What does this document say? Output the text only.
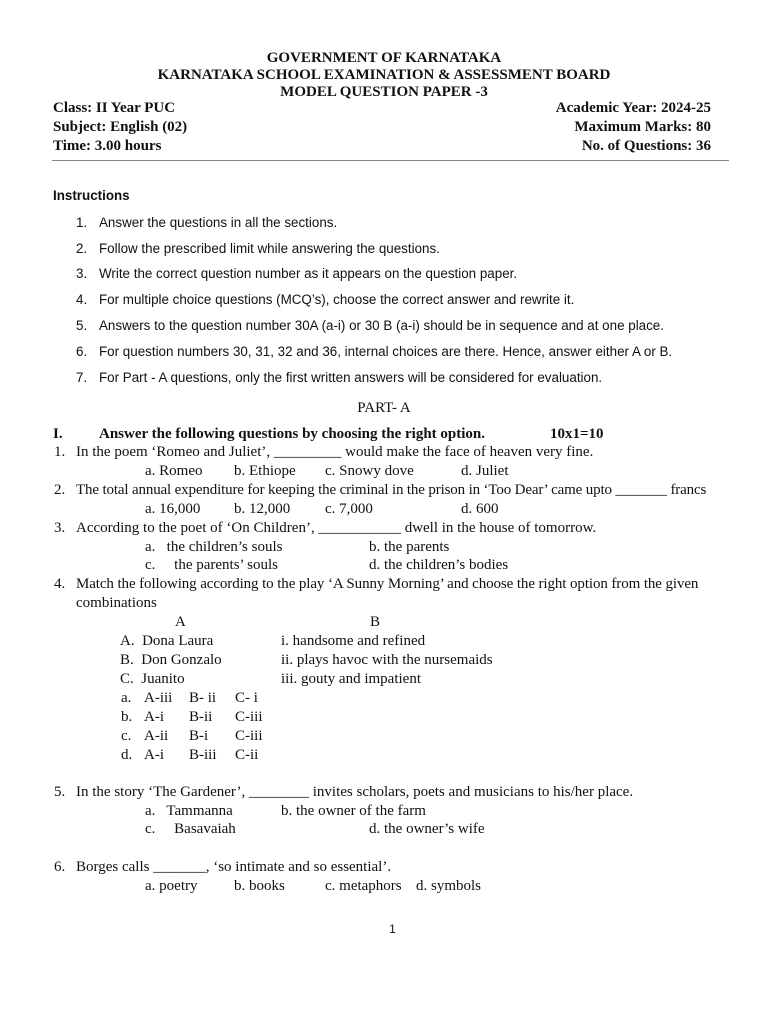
GOVERNMENT OF KARNATAKA
KARNATAKA SCHOOL EXAMINATION & ASSESSMENT BOARD
MODEL QUESTION PAPER -3
Class: II Year PUC	Academic Year: 2024-25
Subject: English (02)	Maximum Marks: 80
Time: 3.00 hours	No. of Questions: 36
Instructions
1. Answer the questions in all the sections.
2. Follow the prescribed limit while answering the questions.
3. Write the correct question number as it appears on the question paper.
4. For multiple choice questions (MCQ’s), choose the correct answer and rewrite it.
5. Answers to the question number 30A (a-i) or 30 B (a-i) should be in sequence and at one place.
6. For question numbers 30, 31, 32 and 36, internal choices are there. Hence, answer either A or B.
7. For Part - A questions, only the first written answers will be considered for evaluation.
PART- A
I. Answer the following questions by choosing the right option.	10x1=10
1. In the poem ‘Romeo and Juliet’, _________ would make the face of heaven very fine.
a. Romeo b. Ethiope c. Snowy dove	d. Juliet
2. The total annual expenditure for keeping the criminal in the prison in ‘Too Dear’ came upto _______ francs
a. 16,000 b. 12,000 c. 7,000	d. 600
3. According to the poet of ‘On Children’, ___________ dwell in the house of tomorrow.
a.   the children’s souls	b. the parents
c.     the parents’ souls	d. the children’s bodies
4. Match the following according to the play ‘A Sunny Morning’ and choose the right option from the given
combinations
A	B
A.  Dona Laura	i. handsome and refined
B.  Don Gonzalo	ii. plays havoc with the nursemaids
C.  Juanito	iii. gouty and impatient
a. A-iii B- ii C- i
b. A-i B-ii C-iii
c. A-ii B-i C-iii
d. A-i B-iii C-ii
5. In the story ‘The Gardener’, ________ invites scholars, poets and musicians to his/her place.
a.   Tammanna	b. the owner of the farm
c.     Basavaiah	d. the owner’s wife
6. Borges calls _______, ‘so intimate and so essential’.
a. poetry b. books	c. metaphors d. symbols
1
